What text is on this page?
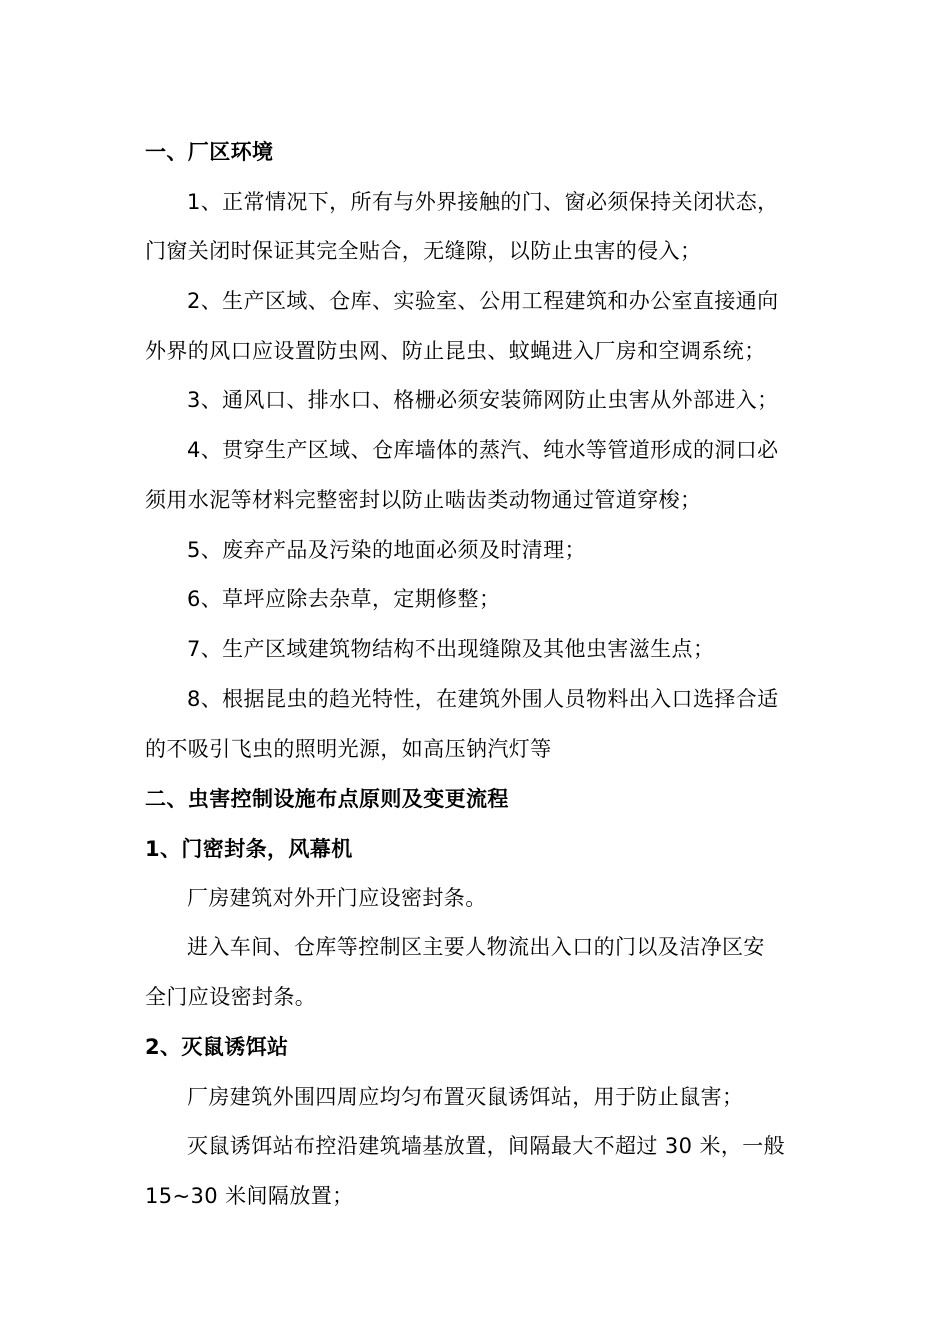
一、厂区环境
1、正常情况下，所有与外界接触的门、窗必须保持关闭状态，
门窗关闭时保证其完全贴合，无缝隙，以防止虫害的侵入；
2、生产区域、仓库、实验室、公用工程建筑和办公室直接通向
外界的风口应设置防虫网、防止昆虫、蚊蝇进入厂房和空调系统；
3、通风口、排水口、格栅必须安装筛网防止虫害从外部进入；
4、贯穿生产区域、仓库墙体的蒸汽、纯水等管道形成的洞口必
须用水泥等材料完整密封以防止啮齿类动物通过管道穿梭；
5、废弃产品及污染的地面必须及时清理；
6、草坪应除去杂草，定期修整；
7、生产区域建筑物结构不出现缝隙及其他虫害滋生点；
8、根据昆虫的趋光特性，在建筑外围人员物料出入口选择合适
的不吸引飞虫的照明光源，如高压钠汽灯等
二、虫害控制设施布点原则及变更流程
1、门密封条，风幕机
厂房建筑对外开门应设密封条。
进入车间、仓库等控制区主要人物流出入口的门以及洁净区安
全门应设密封条。
2、灭鼠诱饵站
厂房建筑外围四周应均匀布置灭鼠诱饵站，用于防止鼠害；
灭鼠诱饵站布控沿建筑墙基放置，间隔最大不超过 30 米，一般
15~30 米间隔放置；
